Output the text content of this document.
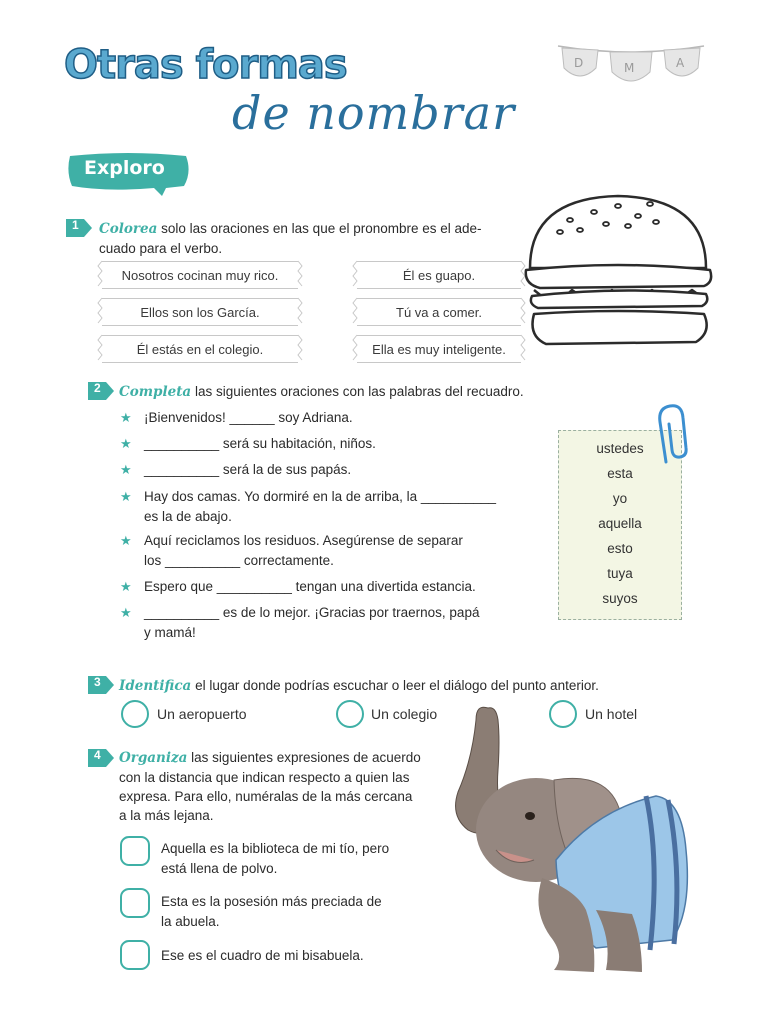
Otras formas
de nombrar
D	M	A
Exploro
1 Colorea solo las oraciones en las que el pronombre es el ade-
cuado para el verbo.
Nosotros cocinan muy rico.
Ellos son los García.
Él estás en el colegio.
Él es guapo.
Tú va a comer.
Ella es muy inteligente.
2 Completa las siguientes oraciones con las palabras del recuadro.
★ ¡Bienvenidos! ______ soy Adriana.
★ __________ será su habitación, niños.
★ __________ será la de sus papás.
★ Hay dos camas. Yo dormiré en la de arriba, la __________
es la de abajo.
★ Aquí reciclamos los residuos. Asegúrense de separar
los __________ correctamente.
★ Espero que __________ tengan una divertida estancia.
★ __________ es de lo mejor. ¡Gracias por traernos, papá
y mamá!
ustedes
esta
yo
aquella
esto
tuya
suyos
3 Identifica el lugar donde podrías escuchar o leer el diálogo del punto anterior.
Un aeropuerto	Un colegio	Un hotel
4 Organiza las siguientes expresiones de acuerdo
con la distancia que indican respecto a quien las
expresa. Para ello, numéralas de la más cercana
a la más lejana.
Aquella es la biblioteca de mi tío, pero
está llena de polvo.
Esta es la posesión más preciada de
la abuela.
Ese es el cuadro de mi bisabuela.
